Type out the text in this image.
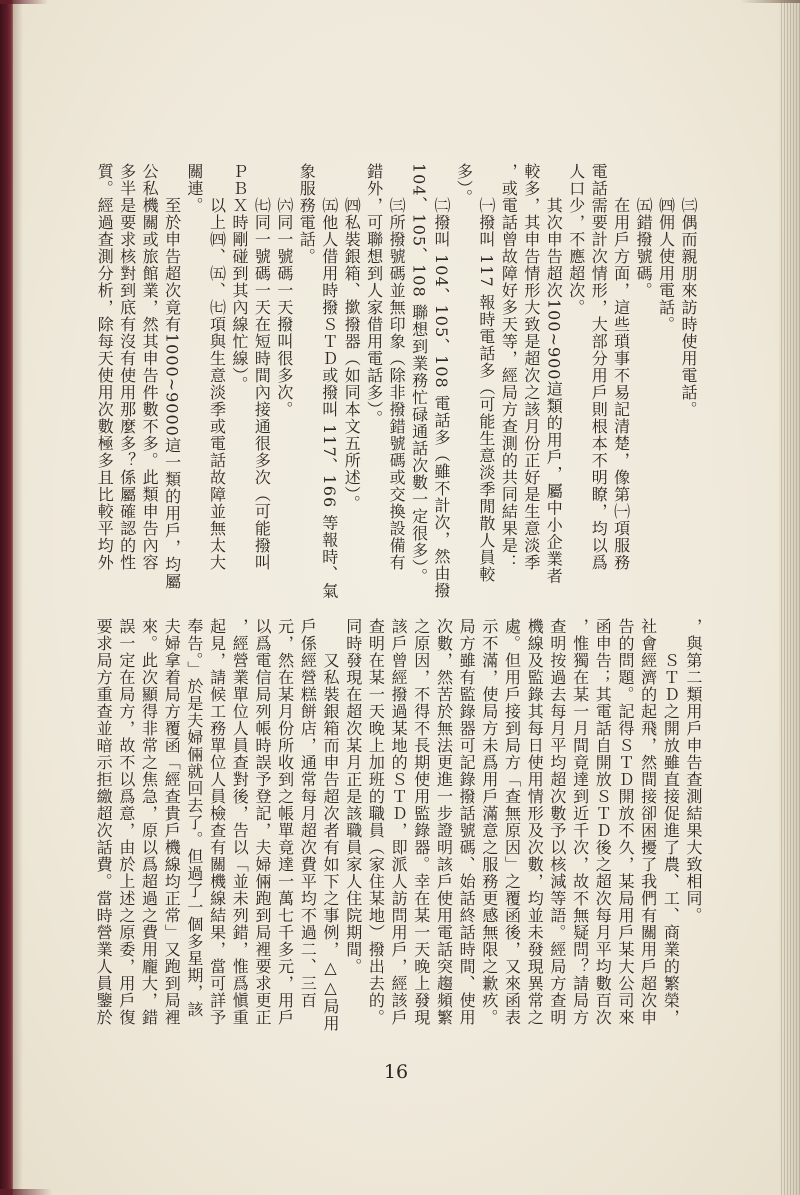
㈢偶而親朋來訪時使用電話。
㈣佣人使用電話。
㈤錯撥號碼。
在用戶方面，這些瑣事不易記清楚，像第㈠項服務
電話需要計次情形，大部分用戶則根本不明瞭，均以爲
人口少，不應超次。
其次申告超次100~900這類的用戶，屬中小企業者
較多，其申告情形大致是超次之該月份正好是生意淡季
，或電話曾故障好多天等，經局方查測的共同結果是：
㈠撥叫 117 報時電話多（可能生意淡季閒散人員較
多）。
㈡撥叫 104、105、108 電話多（雖不計次，然由撥
104、105、108 聯想到業務忙碌通話次數一定很多）。
㈢所撥號碼並無印象（除非撥錯號碼或交換設備有
錯外，可聯想到人家借用電話多）。
㈣私裝銀箱、撳撥器（如同本文五所述）。
㈤他人借用時撥ＳＴＤ或撥叫 117、166 等報時、氣
象服務電話。
㈥同一號碼一天撥叫很多次。
㈦同一號碼一天在短時間內接通很多次（可能撥叫
ＰＢＸ時剛碰到其內線忙線）。
以上㈣、㈤、㈦項與生意淡季或電話故障並無太大
關連。
至於申告超次竟有1000~9000這一類的用戶，均屬
公私機關或旅館業，然其申告件數不多。此類申告內容
多半是要求核對到底有沒有使用那麼多？係屬確認的性
質。經過查測分析，除每天使用次數極多且比較平均外
，與第二類用戶申告查測結果大致相同。
ＳＴＤ之開放雖直接促進了農、工、商業的繁榮，
社會經濟的起飛，然間接卻困擾了我們有關用戶超次申
告的問題。記得ＳＴＤ開放不久，某局用戶某大公司來
函申告；其電話自開放ＳＴＤ後之超次每月平均數百次
，惟獨在某一月間竟達到近千次，故不無疑問？請局方
查明按過去每月平均超次數予以核減等語。經局方查明
機線及監錄其每日使用情形及次數，均並未發現異常之
處。但用戶接到局方「查無原因」之覆函後，又來函表
示不滿，使局方未爲用戶滿意之服務更感無限之歉疚。
局方雖有監錄器可記錄撥話號碼、始話終話時間、使用
次數，然苦於無法更進一步證明該戶使用電話突趨頻繁
之原因，不得不長期使用監錄器。幸在某一天晚上發現
該戶曾經撥過某地的ＳＴＤ，即派人訪問用戶，經該戶
查明在某一天晚上加班的職員（家住某地）撥出去的。
同時發現在超次某月正是該職員家人住院期間。
又私裝銀箱而申告超次者有如下之事例，△△局用
戶係經營糕餅店，通常每月超次費平均不過二、三百
元，然在某月份所收到之帳單竟達一萬七千多元，用戶
以爲電信局列帳時誤予登記，夫婦倆跑到局裡要求更正
，經營業單位人員查對後，告以「並未列錯，惟爲愼重
起見，請候工務單位人員檢查有關機線結果，當可詳予
奉告。」於是夫婦倆就回去了。但過了一個多星期，該
夫婦拿着局方覆函「經查貴戶機線均正常」又跑到局裡
來。此次顯得非常之焦急，原以爲超過之費用龐大，錯
誤一定在局方，故不以爲意，由於上述之原委，用戶復
要求局方重查並暗示拒繳超次話費。當時營業人員鑒於
16
